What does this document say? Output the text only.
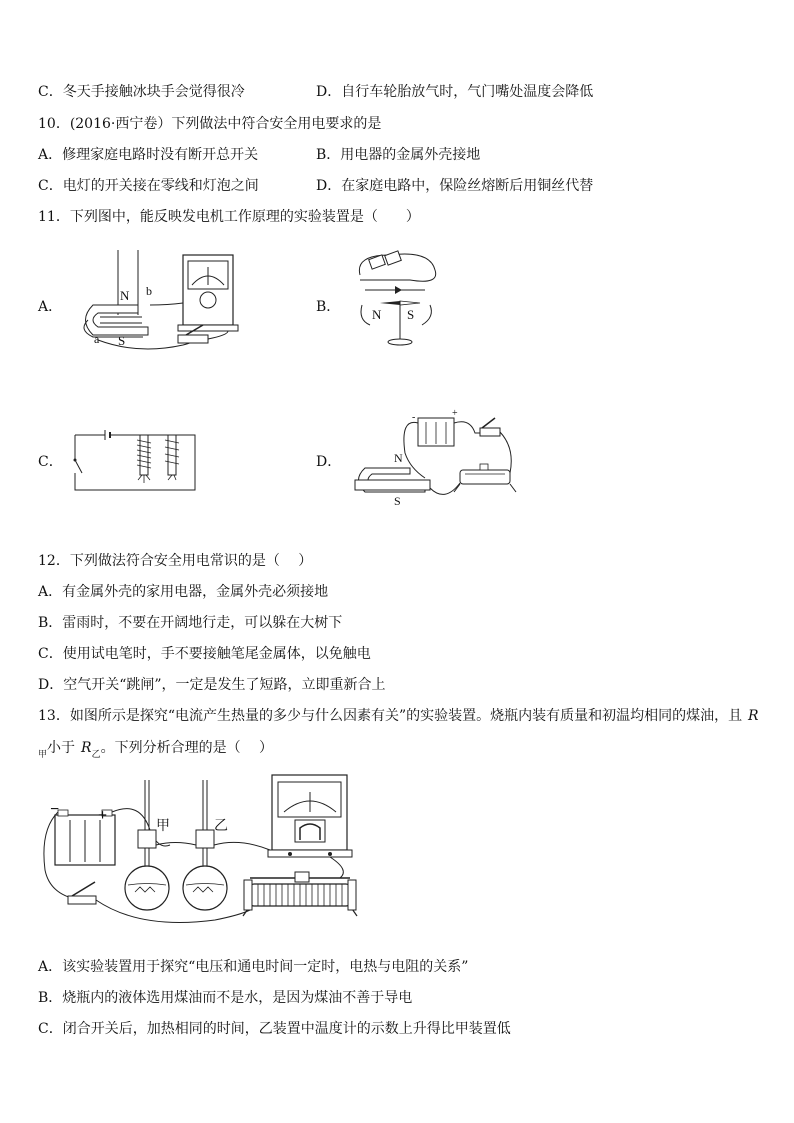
C．冬天手接触冰块手会觉得很冷	D．自行车轮胎放气时，气门嘴处温度会降低
10．(2016·西宁卷）下列做法中符合安全用电要求的是
A．修理家庭电路时没有断开总开关	B．用电器的金属外壳接地
C．电灯的开关接在零线和灯泡之间	D．在家庭电路中，保险丝熔断后用铜丝代替
11．下列图中，能反映发电机工作原理的实验装置是（　　）
A．	B．
C．	D．
N
S
b
a
N S
-	+
N
S
12．下列做法符合安全用电常识的是（　 ）
A．有金属外壳的家用电器，金属外壳必须接地
B．雷雨时，不要在开阔地行走，可以躲在大树下
C．使用试电笔时，手不要接触笔尾金属体，以免触电
D．空气开关“跳闸”，一定是发生了短路，立即重新合上
13．如图所示是探究“电流产生热量的多少与什么因素有关”的实验装置。烧瓶内装有质量和初温均相同的煤油，且 R
$_甲$小于 $R_乙$。下列分析合理的是（　 ）
− +
甲	乙
A．该实验装置用于探究“电压和通电时间一定时，电热与电阻的关系”
B．烧瓶内的液体选用煤油而不是水，是因为煤油不善于导电
C．闭合开关后，加热相同的时间，乙装置中温度计的示数上升得比甲装置低
